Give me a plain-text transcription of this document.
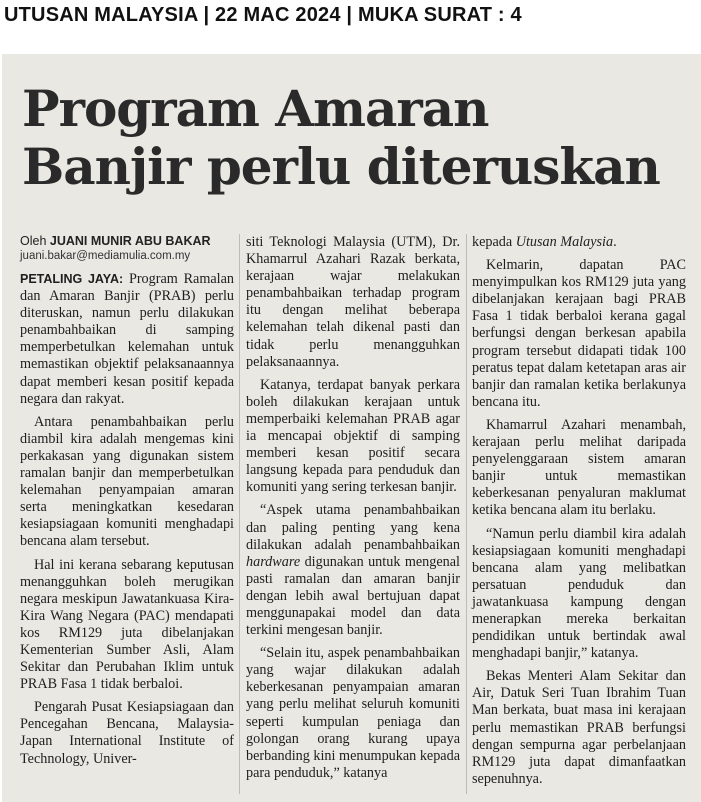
UTUSAN MALAYSIA | 22 MAC 2024 | MUKA SURAT : 4
Program Amaran
Banjir perlu diteruskan
Oleh JUANI MUNIR ABU BAKAR
juani.bakar@mediamulia.com.my

PETALING JAYA: Program Ramalan dan Amaran Banjir (PRAB) perlu diteruskan, namun perlu dilakukan penambahbaikan di samping memperbetulkan kelemahan untuk memastikan objektif pelaksanaannya dapat memberi kesan positif kepada negara dan rakyat.

Antara penambahbaikan perlu diambil kira adalah mengemas kini perkakasan yang digunakan sistem ramalan banjir dan memperbetulkan kelemahan penyampaian amaran serta meningkatkan kesedaran kesiapsiagaan komuniti menghadapi bencana alam tersebut.

Hal ini kerana sebarang keputusan menangguhkan boleh merugikan negara meskipun Jawatankuasa Kira-Kira Wang Negara (PAC) mendapati kos RM129 juta dibelanjakan Kementerian Sumber Asli, Alam Sekitar dan Perubahan Iklim untuk PRAB Fasa 1 tidak berbaloi.

Pengarah Pusat Kesiapsiagaan dan Pencegahan Bencana, Malaysia-Japan International Institute of Technology, Univer-

siti Teknologi Malaysia (UTM), Dr. Khamarrul Azahari Razak berkata, kerajaan wajar melakukan penambahbaikan terhadap program itu dengan melihat beberapa kelemahan telah dikenal pasti dan tidak perlu menangguhkan pelaksanaannya.

Katanya, terdapat banyak perkara boleh dilakukan kerajaan untuk memperbaiki kelemahan PRAB agar ia mencapai objektif di samping memberi kesan positif secara langsung kepada para penduduk dan komuniti yang sering terkesan banjir.

“Aspek utama penambahbaikan dan paling penting yang kena dilakukan adalah penambahbaikan hardware digunakan untuk mengenal pasti ramalan dan amaran banjir dengan lebih awal bertujuan dapat menggunapakai model dan data terkini mengesan banjir.

“Selain itu, aspek penambahbaikan yang wajar dilakukan adalah keberkesanan penyampaian amaran yang perlu melihat seluruh komuniti seperti kumpulan peniaga dan golongan orang kurang upaya berbanding kini menumpukan kepada para penduduk,” katanya

kepada Utusan Malaysia.

Kelmarin, dapatan PAC menyimpulkan kos RM129 juta yang dibelanjakan kerajaan bagi PRAB Fasa 1 tidak berbaloi kerana gagal berfungsi dengan berkesan apabila program tersebut didapati tidak 100 peratus tepat dalam ketetapan aras air banjir dan ramalan ketika berlakunya bencana itu.

Khamarrul Azahari menambah, kerajaan perlu melihat daripada penyelenggaraan sistem amaran banjir untuk memastikan keberkesanan penyaluran maklumat ketika bencana alam itu berlaku.

“Namun perlu diambil kira adalah kesiapsiagaan komuniti menghadapi bencana alam yang melibatkan persatuan penduduk dan jawatankuasa kampung dengan menerapkan mereka berkaitan pendidikan untuk bertindak awal menghadapi banjir,” katanya.

Bekas Menteri Alam Sekitar dan Air, Datuk Seri Tuan Ibrahim Tuan Man berkata, buat masa ini kerajaan perlu memastikan PRAB berfungsi dengan sempurna agar perbelanjaan RM129 juta dapat dimanfaatkan sepenuhnya.
